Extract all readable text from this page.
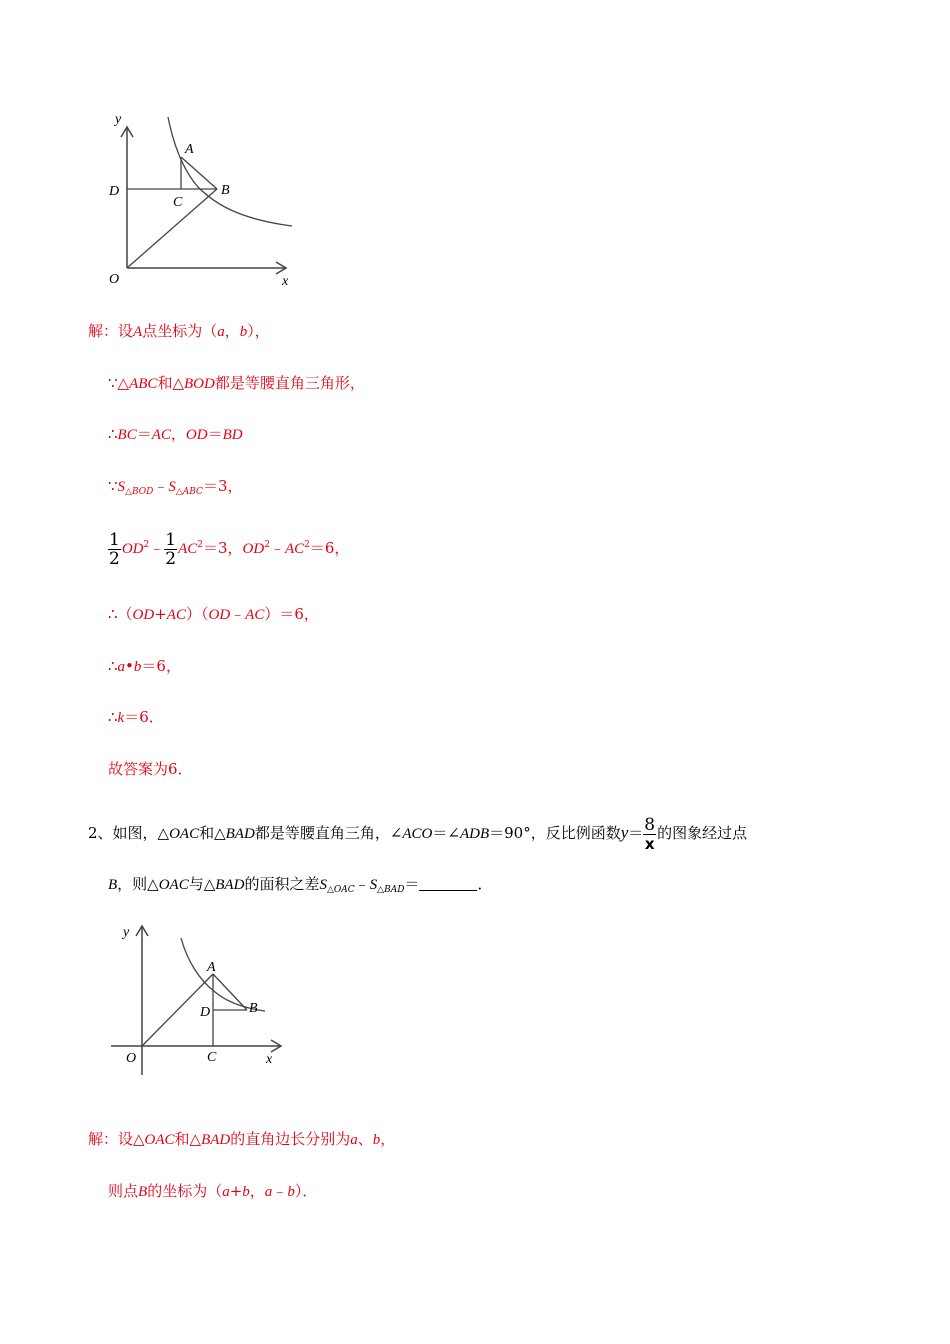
y
x
O
D
C
A
B
解：设A点坐标为（a，b），
∵△ABC和△BOD都是等腰直角三角形，
∴BC＝AC，OD＝BD
$\because S_{\triangle BOD}﹣S_{\triangle ABC}=3$，
$\frac{1}{2}$ $OD^2﹣ \frac{1}{2} AC^2=3$，$OD^2﹣AC^2=6$，
∴（OD+AC）（OD﹣AC）＝6，
∴a•b＝6，
∴k＝6．
故答案为6．
2、如图，△OAC和△BAD都是等腰直角三角，∠ACO＝∠ADB＝90°，反比例函数$y= \frac{8}{x}$ 的图象经过点
B，则△OAC与△BAD的面积之差$S_{\triangle OAC}﹣S_{\triangle BAD}=$	．
y
x
O	C
D
A
B
解：设△OAC和△BAD的直角边长分别为a、b，
则点B的坐标为（a+b，a﹣b）．
